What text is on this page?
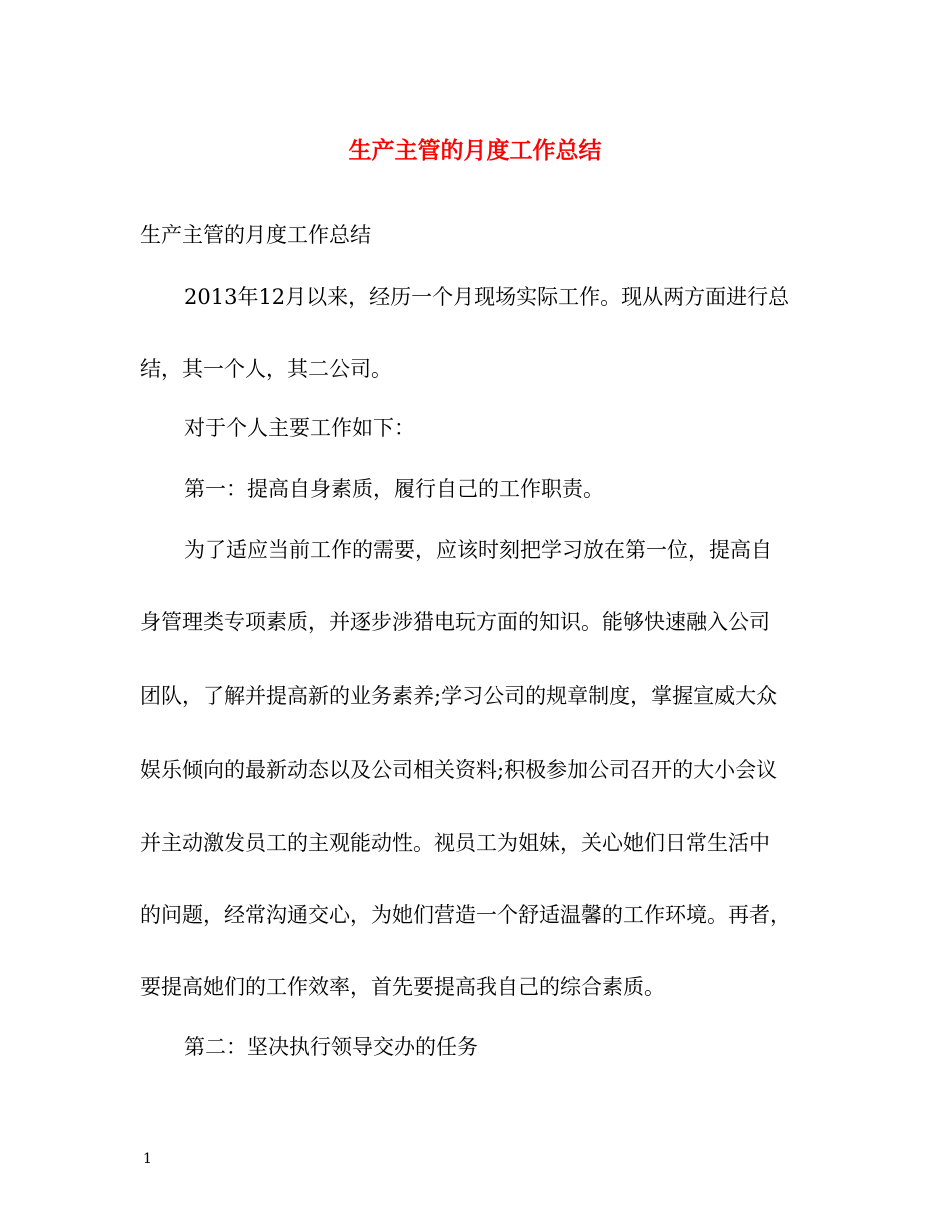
生产主管的月度工作总结

生产主管的月度工作总结

2013年12月以来，经历一个月现场实际工作。现从两方面进行总

结，其一个人，其二公司。

对于个人主要工作如下：

第一：提高自身素质，履行自己的工作职责。

为了适应当前工作的需要，应该时刻把学习放在第一位，提高自

身管理类专项素质，并逐步涉猎电玩方面的知识。能够快速融入公司

团队，了解并提高新的业务素养;学习公司的规章制度，掌握宣威大众

娱乐倾向的最新动态以及公司相关资料;积极参加公司召开的大小会议

并主动激发员工的主观能动性。视员工为姐妹，关心她们日常生活中

的问题，经常沟通交心，为她们营造一个舒适温馨的工作环境。再者，

要提高她们的工作效率，首先要提高我自己的综合素质。

第二：坚决执行领导交办的任务

1
